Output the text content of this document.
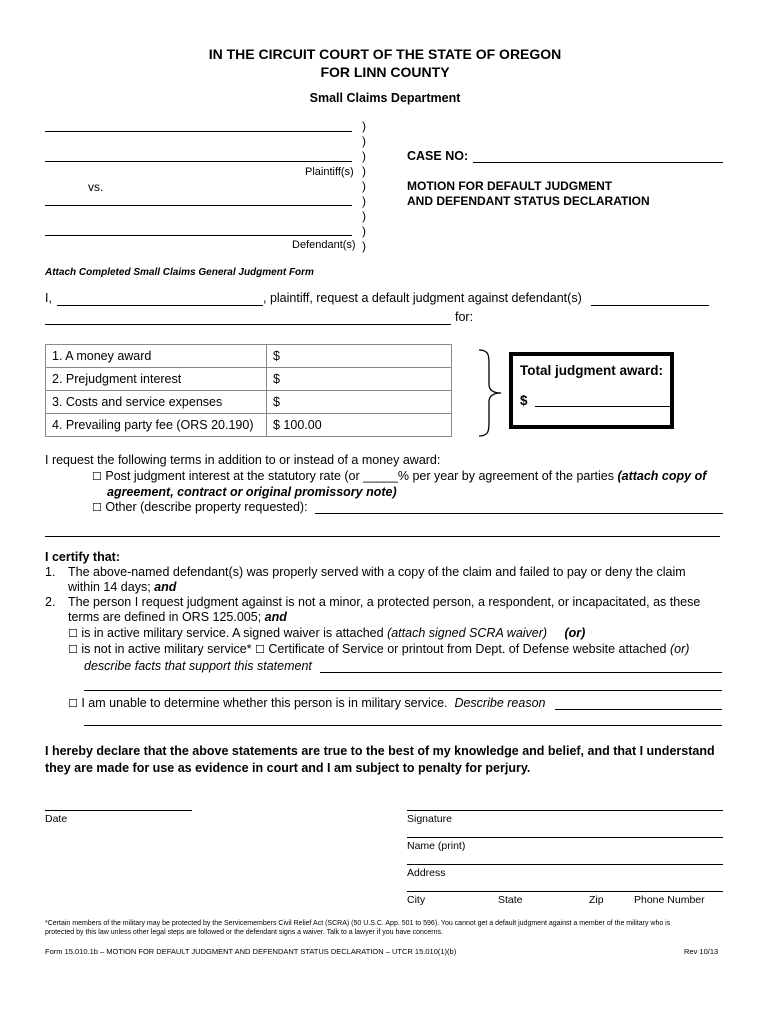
IN THE CIRCUIT COURT OF THE STATE OF OREGON
FOR LINN COUNTY
Small Claims Department
Plaintiff(s)
vs.
Defendant(s)
)
)
)
)
)
)
)
)
)
CASE NO:
MOTION FOR DEFAULT JUDGMENT
AND DEFENDANT STATUS DECLARATION
Attach Completed Small Claims General Judgment Form
I,	, plaintiff, request a default judgment against defendant(s)
for:
1. A money award	$
2. Prejudgment interest	$
3. Costs and service expenses	$
4. Prevailing party fee (ORS 20.190)	$ 100.00
Total judgment award:
$
I request the following terms in addition to or instead of a money award:
☐ Post judgment interest at the statutory rate (or _____% per year by agreement of the parties (attach copy of
agreement, contract or original promissory note)
☐ Other (describe property requested):
I certify that:
1. The above-named defendant(s) was properly served with a copy of the claim and failed to pay or deny the claim
within 14 days; and
2. The person I request judgment against is not a minor, a protected person, a respondent, or incapacitated, as these
terms are defined in ORS 125.005; and
☐ is in active military service. A signed waiver is attached (attach signed SCRA waiver) (or)
☐ is not in active military service* ☐ Certificate of Service or printout from Dept. of Defense website attached (or)
describe facts that support this statement
☐ I am unable to determine whether this person is in military service. Describe reason
I hereby declare that the above statements are true to the best of my knowledge and belief, and that I understand
they are made for use as evidence in court and I am subject to penalty for perjury.
Date	Signature
Name (print)
Address
City	State	Zip	Phone Number
*Certain members of the military may be protected by the Servicemembers Civil Relief Act (SCRA) (50 U.S.C. App. 501 to 596). You cannot get a default judgment against a member of the military who is
protected by this law unless other legal steps are followed or the defendant signs a waiver. Talk to a lawyer if you have concerns.
Form 15.010.1b – MOTION FOR DEFAULT JUDGMENT AND DEFENDANT STATUS DECLARATION – UTCR 15.010(1)(b)	Rev 10/13
